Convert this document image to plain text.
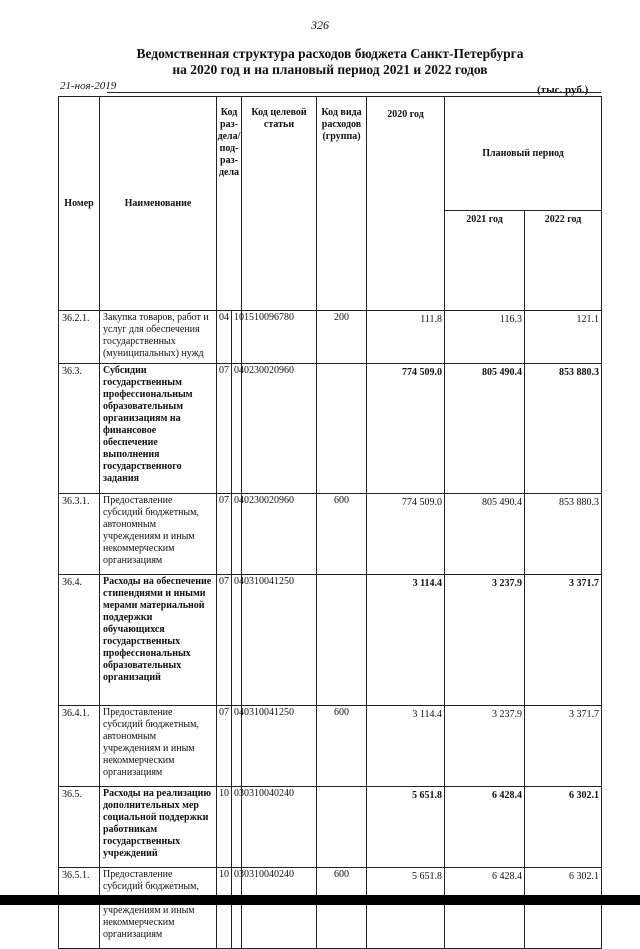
326
Ведомственная структура расходов бюджета Санкт-Петербурга
на 2020 год и на плановый период 2021 и 2022 годов
21-ноя-2019	(тыс. руб.)
Номер	Наименование	Код раз-дела/ под-раз-дела		Код целевой статьи	Код вида расходов (группа)	2020 год	Плановый период	
							2021 год	2022 год
36.2.1.	Закупка товаров, работ и услуг для обеспечения государственных (муниципальных) нужд	04	10	1510096780	200	111.8	116.3	121.1
36.3.	Субсидии государственным профессиональным образовательным организациям на финансовое обеспечение выполнения государственного задания	07	04	0230020960		774 509.0	805 490.4	853 880.3
36.3.1.	Предоставление субсидий бюджетным, автономным учреждениям и иным некоммерческим организациям	07	04	0230020960	600	774 509.0	805 490.4	853 880.3
36.4.	Расходы на обеспечение стипендиями и иными мерами материальной поддержки обучающихся государственных профессиональных образовательных организаций	07	04	0310041250		3 114.4	3 237.9	3 371.7
36.4.1.	Предоставление субсидий бюджетным, автономным учреждениям и иным некоммерческим организациям	07	04	0310041250	600	3 114.4	3 237.9	3 371.7
36.5.	Расходы на реализацию дополнительных мер социальной поддержки работникам государственных учреждений	10	03	0310040240		5 651.8	6 428.4	6 302.1
36.5.1.	Предоставление субсидий бюджетным, учреждениям и иным некоммерческим организациям	10	03	0310040240	600	5 651.8	6 428.4	6 302.1
